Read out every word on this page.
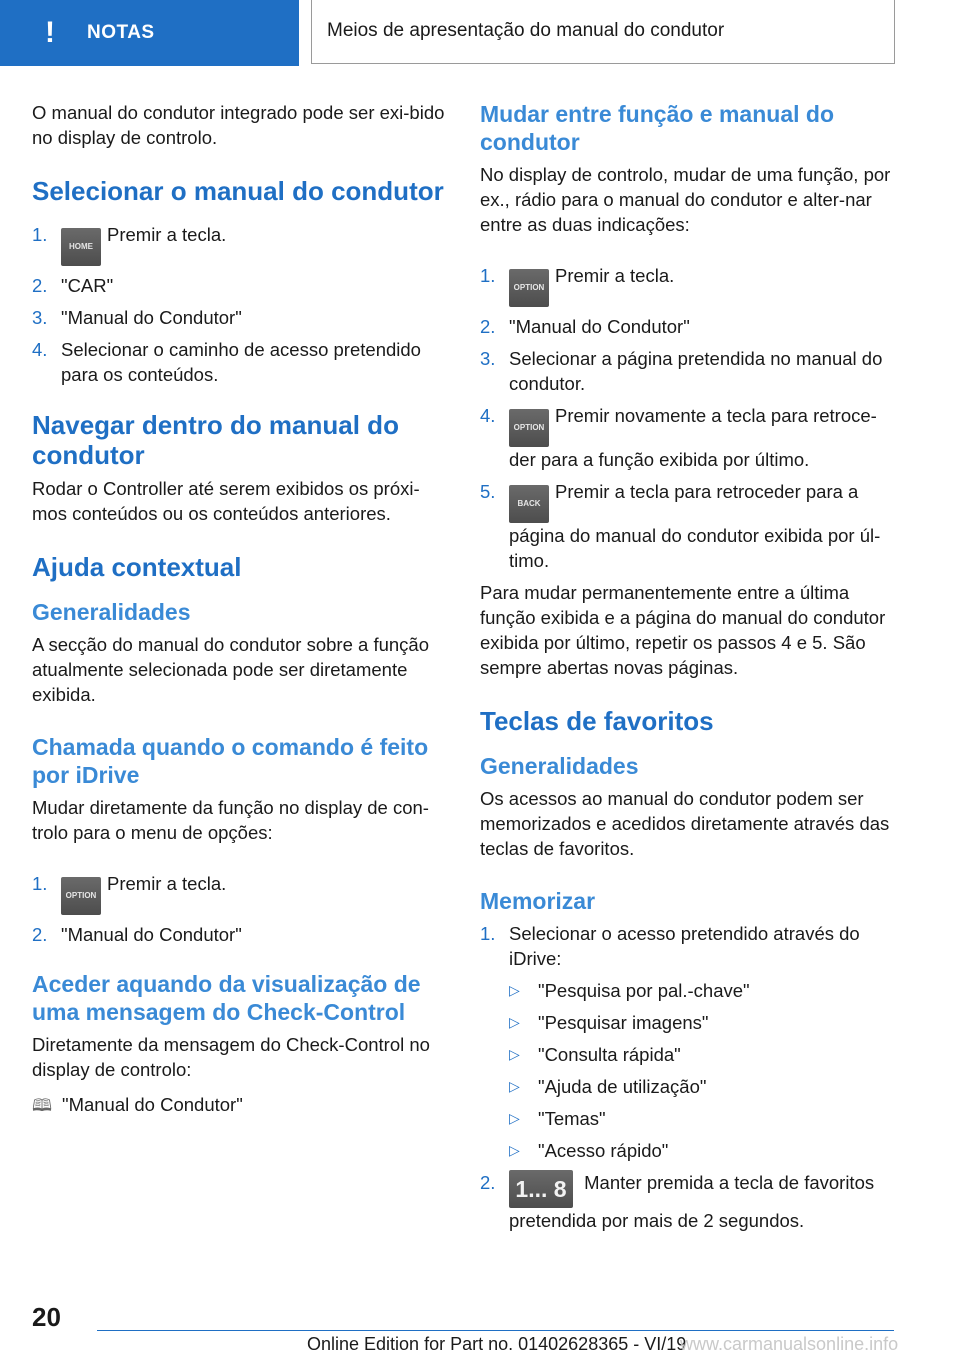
! NOTAS	Meios de apresentação do manual do condutor

O manual do condutor integrado pode ser exi-bido no display de controlo.

Selecionar o manual do condutor
1.
HOMEPremir a tecla.
2. "CAR"
3. "Manual do Condutor"
4. Selecionar o caminho de acesso pretendido para os conteúdos.
Navegar dentro do manual do condutor

Rodar o Controller até serem exibidos os próxi-mos conteúdos ou os conteúdos anteriores.

Ajuda contextual
Generalidades

A secção do manual do condutor sobre a função atualmente selecionada pode ser diretamente exibida.

Chamada quando o comando é feito por iDrive

Mudar diretamente da função no display de con-trolo para o menu de opções:

1.
OPTIONPremir a tecla.
2. "Manual do Condutor"
Aceder aquando da visualização de uma mensagem do Check-Control

Diretamente da mensagem do Check-Control no display de controlo:

🕮 "Manual do Condutor"
Mudar entre função e manual do condutor

No display de controlo, mudar de uma função, por ex., rádio para o manual do condutor e alter-nar entre as duas indicações:

1.
OPTIONPremir a tecla.
2. "Manual do Condutor"
3. Selecionar a página pretendida no manual do condutor.
4.
OPTIONPremir novamente a tecla para retroce-der para a função exibida por último.
5.
BACKPremir a tecla para retroceder para a página do manual do condutor exibida por úl-timo.

Para mudar permanentemente entre a última função exibida e a página do manual do condutor exibida por último, repetir os passos 4 e 5. São sempre abertas novas páginas.

Teclas de favoritos
Generalidades

Os acessos ao manual do condutor podem ser memorizados e acedidos diretamente através das teclas de favoritos.

Memorizar
1. Selecionar o acesso pretendido através do iDrive:
▷ "Pesquisa por pal.-chave"
▷ "Pesquisar imagens"
▷ "Consulta rápida"
▷ "Ajuda de utilização"
▷ "Temas"
▷ "Acesso rápido"
2. 1... 8 Manter premida a tecla de favoritos pretendida por mais de 2 segundos.
20
Online Edition for Part no. 01402628365 - VI/19
www.carmanualsonline.info
